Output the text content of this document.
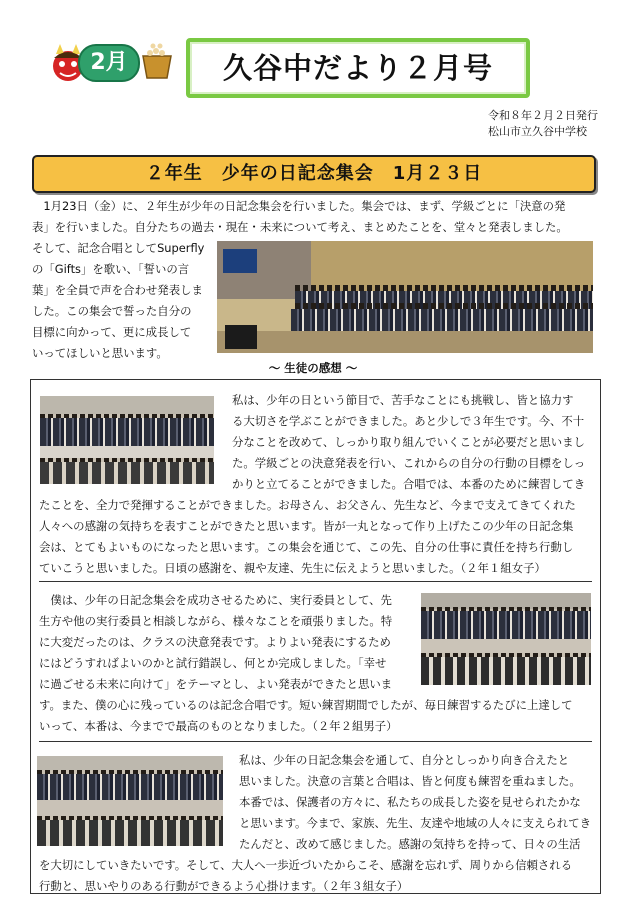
2月	久谷中だより２月号
令和８年２月２日発行
松山市立久谷中学校
２年生　少年の日記念集会　1月２３日
　1月23日（金）に、２年生が少年の日記念集会を行いました。集会では、まず、学級ごとに「決意の発
表」を行いました。自分たちの過去・現在・未来について考え、まとめたことを、堂々と発表しました。
そして、記念合唱としてSuperfly
の「Gifts」を歌い、「誓いの言
葉」を全員で声を合わせ発表しま
した。この集会で誓った自分の
目標に向かって、更に成長して
いってほしいと思います。
～ 生徒の感想 ～
私は、少年の日という節目で、苦手なことにも挑戦し、皆と協力す
る大切さを学ぶことができました。あと少しで３年生です。今、不十
分なことを改めて、しっかり取り組んでいくことが必要だと思いまし
た。学級ごとの決意発表を行い、これからの自分の行動の目標をしっ
かりと立てることができました。合唱では、本番のために練習してき
たことを、全力で発揮することができました。お母さん、お父さん、先生など、今まで支えてきてくれた
人々への感謝の気持ちを表すことができたと思います。皆が一丸となって作り上げたこの少年の日記念集
会は、とてもよいものになったと思います。この集会を通じて、この先、自分の仕事に責任を持ち行動し
ていこうと思いました。日頃の感謝を、親や友達、先生に伝えようと思いました。（２年１組女子）
　僕は、少年の日記念集会を成功させるために、実行委員として、先
生方や他の実行委員と相談しながら、様々なことを頑張りました。特
に大変だったのは、クラスの決意発表です。よりよい発表にするため
にはどうすればよいのかと試行錯誤し、何とか完成しました。「幸せ
に過ごせる未来に向けて」をテーマとし、よい発表ができたと思いま
す。また、僕の心に残っているのは記念合唱です。短い練習期間でしたが、毎日練習するたびに上達して
いって、本番は、今までで最高のものとなりました。（２年２組男子）
私は、少年の日記念集会を通して、自分としっかり向き合えたと
思いました。決意の言葉と合唱は、皆と何度も練習を重ねました。
本番では、保護者の方々に、私たちの成長した姿を見せられたかな
と思います。今まで、家族、先生、友達や地域の人々に支えられてき
たんだと、改めて感じました。感謝の気持ちを持って、日々の生活
を大切にしていきたいです。そして、大人へ一歩近づいたからこそ、感謝を忘れず、周りから信頼される
行動と、思いやりのある行動ができるよう心掛けます。（２年３組女子）
